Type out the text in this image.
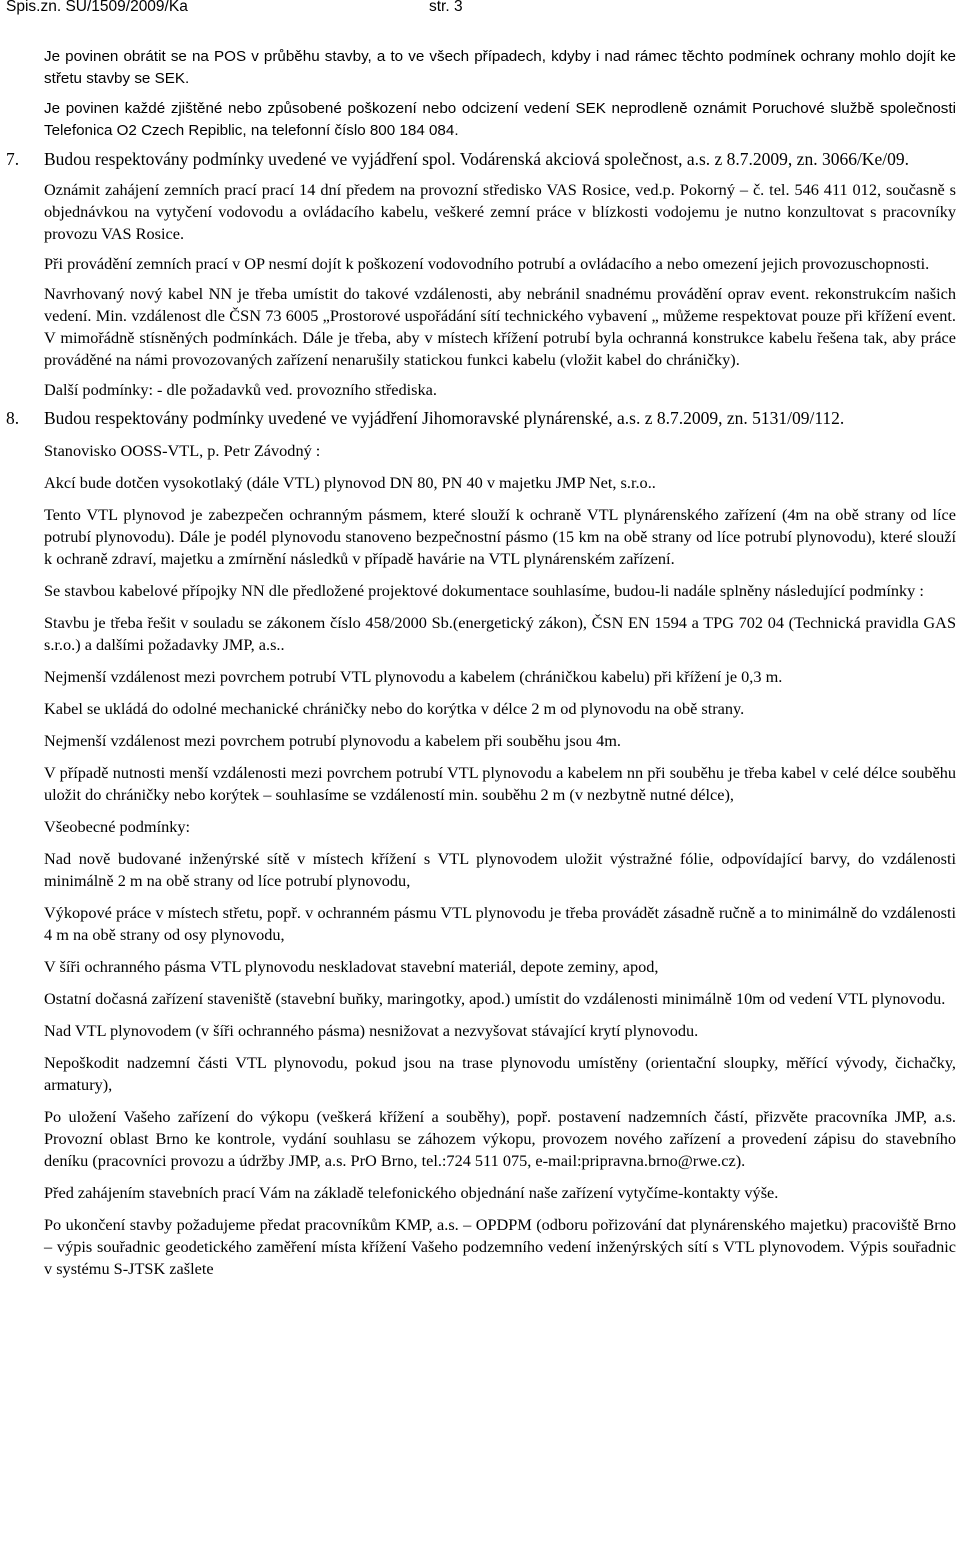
Spis.zn. SU/1509/2009/Ka	str. 3

Je povinen obrátit se na POS v průběhu stavby, a to ve všech případech, kdyby i nad rámec těchto podmínek ochrany mohlo dojít ke střetu stavby se SEK.

Je povinen každé zjištěné nebo způsobené poškození nebo odcizení vedení SEK neprodleně oznámit Poruchové službě společnosti Telefonica O2 Czech Repiblic, na telefonní číslo 800 184 084.

7.	Budou respektovány podmínky uvedené ve vyjádření spol. Vodárenská akciová společnost, a.s. z 8.7.2009, zn. 3066/Ke/09.

Oznámit zahájení zemních prací prací 14 dní předem na provozní středisko VAS Rosice, ved.p. Pokorný – č. tel. 546 411 012, současně s objednávkou na vytyčení vodovodu a ovládacího kabelu, veškeré zemní práce v blízkosti vodojemu je nutno konzultovat s pracovníky provozu VAS Rosice.

Při provádění zemních prací v OP nesmí dojít k poškození vodovodního potrubí a ovládacího a nebo omezení jejich provozuschopnosti.

Navrhovaný nový kabel NN je třeba umístit do takové vzdálenosti, aby nebránil snadnému provádění oprav event. rekonstrukcím našich vedení. Min. vzdálenost dle ČSN 73 6005 „Prostorové uspořádání sítí technického vybavení „ můžeme respektovat pouze při křížení event. V mimořádně stísněných podmínkách. Dále je třeba, aby v místech křížení potrubí byla ochranná konstrukce kabelu řešena tak, aby práce prováděné na námi provozovaných zařízení nenarušily statickou funkci kabelu (vložit kabel do chráničky).

Další podmínky: - dle požadavků ved. provozního střediska.

8.	Budou respektovány podmínky uvedené ve vyjádření Jihomoravské plynárenské, a.s. z 8.7.2009, zn. 5131/09/112.

Stanovisko OOSS-VTL, p. Petr Závodný :

Akcí bude dotčen vysokotlaký (dále VTL) plynovod DN 80, PN 40 v majetku JMP Net, s.r.o..

Tento VTL plynovod je zabezpečen ochranným pásmem, které slouží k ochraně VTL plynárenského zařízení (4m na obě strany od líce potrubí plynovodu). Dále je podél plynovodu stanoveno bezpečnostní pásmo (15 km na obě strany od líce potrubí plynovodu), které slouží k ochraně zdraví, majetku a zmírnění následků v případě havárie na VTL plynárenském zařízení.

Se stavbou kabelové přípojky NN dle předložené projektové dokumentace souhlasíme, budou-li nadále splněny následující podmínky :

Stavbu je třeba řešit v souladu se zákonem číslo 458/2000 Sb.(energetický zákon), ČSN EN 1594 a TPG 702 04 (Technická pravidla GAS s.r.o.) a dalšími požadavky JMP, a.s..

Nejmenší vzdálenost mezi povrchem potrubí VTL plynovodu a kabelem (chráničkou kabelu) při křížení je 0,3 m.

Kabel se ukládá do odolné mechanické chráničky nebo do korýtka v délce 2 m od plynovodu na obě strany.

Nejmenší vzdálenost mezi povrchem potrubí plynovodu a kabelem při souběhu jsou 4m.

V případě nutnosti menší vzdálenosti mezi povrchem potrubí VTL plynovodu a kabelem nn při souběhu je třeba kabel v celé délce souběhu uložit do chráničky nebo korýtek – souhlasíme se vzdáleností min. souběhu 2 m (v nezbytně nutné délce),

Všeobecné podmínky:

Nad nově budované inženýrské sítě v místech křížení s VTL plynovodem uložit výstražné fólie, odpovídající barvy, do vzdálenosti minimálně 2 m na obě strany od líce potrubí plynovodu,

Výkopové práce v místech střetu, popř. v ochranném pásmu VTL plynovodu je třeba provádět zásadně ručně a to minimálně do vzdálenosti 4 m na obě strany od osy plynovodu,

V šíři ochranného pásma VTL plynovodu neskladovat stavební materiál, depote zeminy, apod,

Ostatní dočasná zařízení staveniště (stavební buňky, maringotky, apod.) umístit do vzdálenosti minimálně 10m od vedení VTL plynovodu.

Nad VTL plynovodem (v šíři ochranného pásma) nesnižovat a nezvyšovat stávající krytí plynovodu.

Nepoškodit nadzemní části VTL plynovodu, pokud jsou na trase plynovodu umístěny (orientační sloupky, měřící vývody, čichačky, armatury),

Po uložení Vašeho zařízení do výkopu (veškerá křížení a souběhy), popř. postavení nadzemních částí, přizvěte pracovníka JMP, a.s. Provozní oblast Brno ke kontrole, vydání souhlasu se záhozem výkopu, provozem nového zařízení a provedení zápisu do stavebního deníku (pracovníci provozu a údržby JMP, a.s. PrO Brno, tel.:724 511 075, e-mail:pripravna.brno@rwe.cz).

Před zahájením stavebních prací Vám na základě telefonického objednání naše zařízení vytyčíme-kontakty výše.

Po ukončení stavby požadujeme předat pracovníkům KMP, a.s. – OPDPM (odboru pořizování dat plynárenského majetku) pracoviště Brno – výpis souřadnic geodetického zaměření místa křížení Vašeho podzemního vedení inženýrských sítí s VTL plynovodem. Výpis souřadnic v systému S-JTSK zašlete
